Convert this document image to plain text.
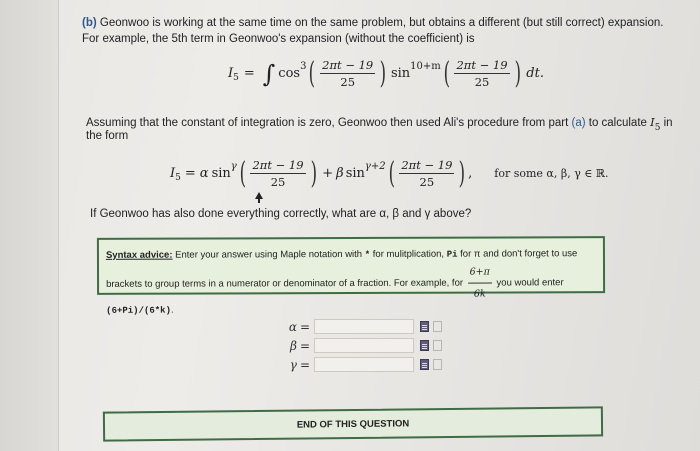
(b) Geonwoo is working at the same time on the same problem, but obtains a different (but still correct) expansion.
For example, the 5th term in Geonwoo's expansion (without the coefficient) is
I 5 = ∫ cos 3 ( $\frac{2\pi t - 19}{25}$ ) sin 10+m ( $\frac{2\pi t - 19}{25}$ ) dt.
Assuming that the constant of integration is zero, Geonwoo then used Ali's procedure from part (a) to calculate $I_5$ in
the form
I 5 = α sin γ ( $\frac{2\pi t - 19}{25}$ ) + β sin γ+2 ( $\frac{2\pi t - 19}{25}$ ) , for some α, β, γ ∈ ℝ.
If Geonwoo has also done everything correctly, what are α, β and γ above?
Syntax advice: Enter your answer using Maple notation with * for mulitplication, Pi for π and don't forget to use
brackets to group terms in a numerator or denominator of a fraction. For example, for $\frac{6+\pi}{6k}$ you would enter
(6+Pi)/(6*k).
α =
β =
γ =
END OF THIS QUESTION
